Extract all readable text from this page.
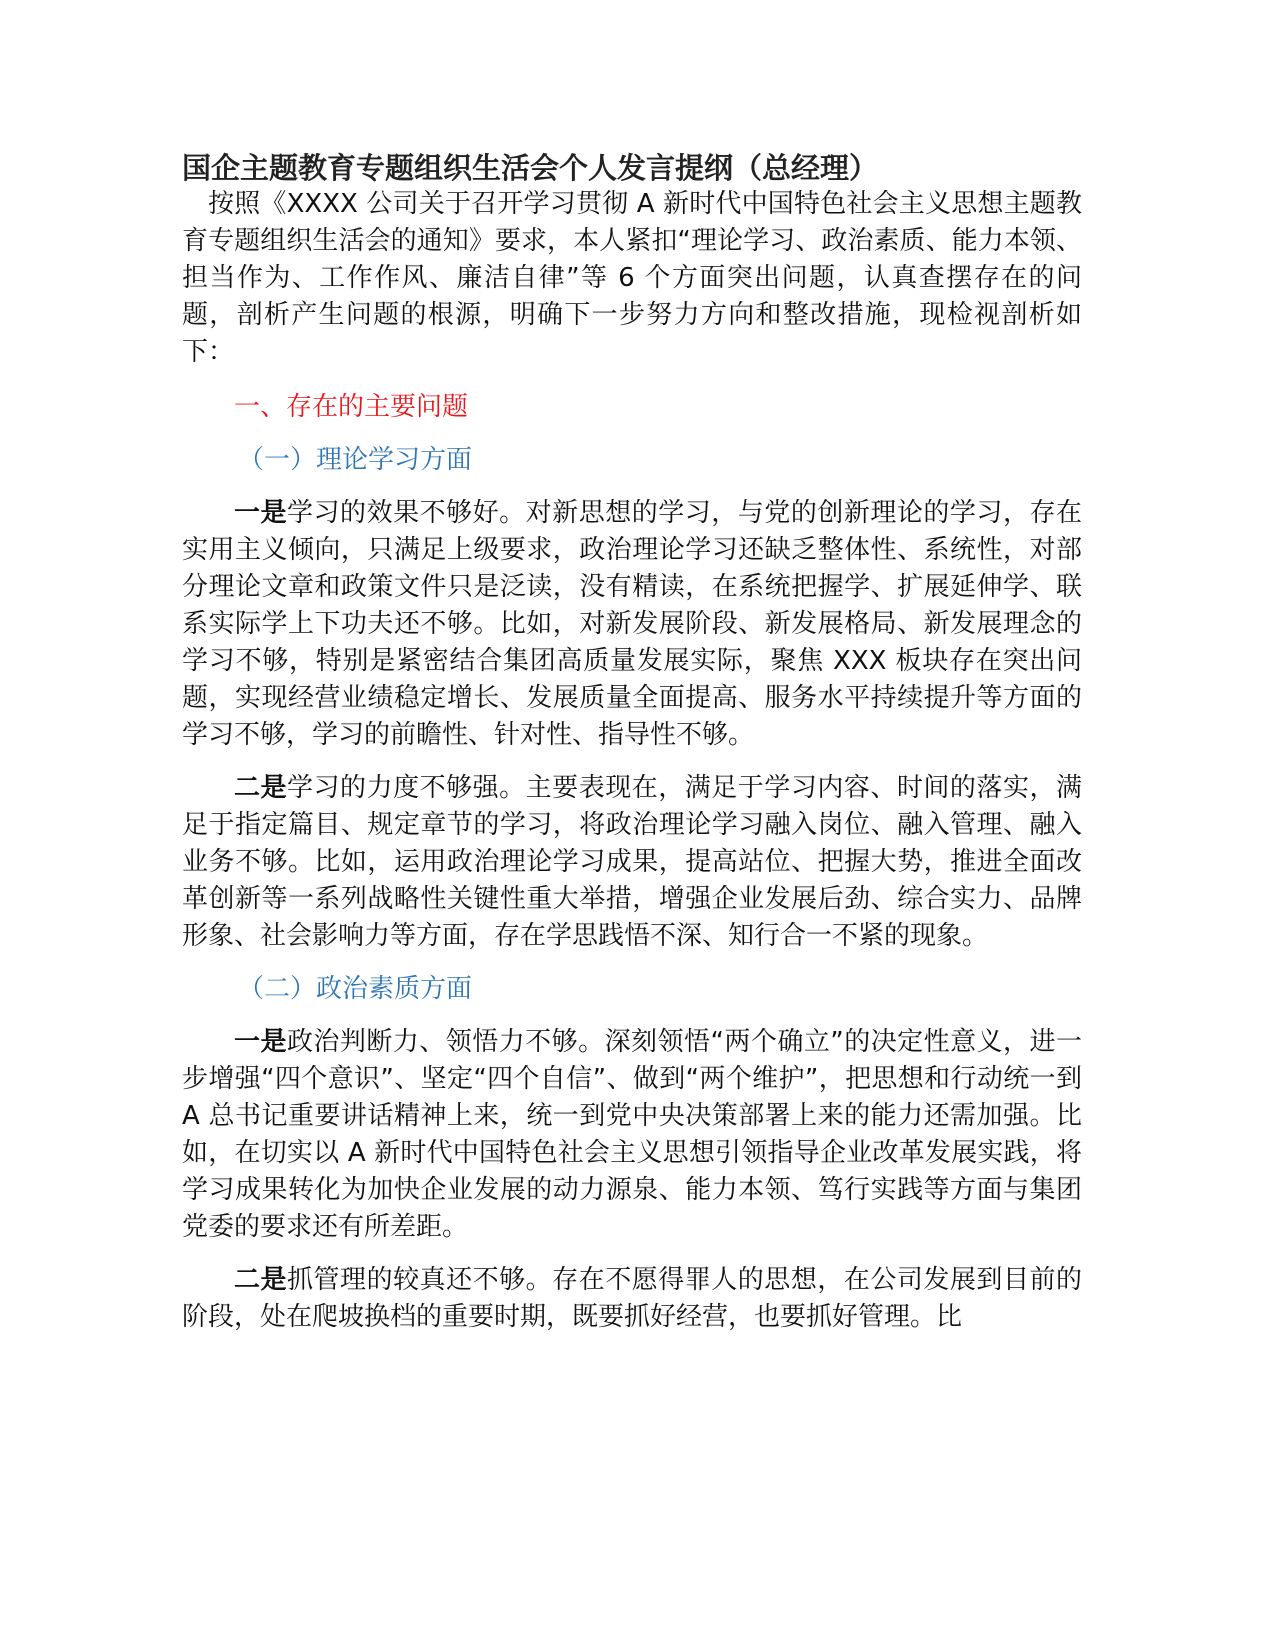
国企主题教育专题组织生活会个人发言提纲（总经理）

按照《XXXX 公司关于召开学习贯彻 A 新时代中国特色社会主义思想主题教育专题组织生活会的通知》要求，本人紧扣“理论学习、政治素质、能力本领、担当作为、工作作风、廉洁自律”等 6 个方面突出问题，认真查摆存在的问题，剖析产生问题的根源，明确下一步努力方向和整改措施，现检视剖析如下：

一、存在的主要问题

（一）理论学习方面

一是学习的效果不够好。对新思想的学习，与党的创新理论的学习，存在实用主义倾向，只满足上级要求，政治理论学习还缺乏整体性、系统性，对部分理论文章和政策文件只是泛读，没有精读，在系统把握学、扩展延伸学、联系实际学上下功夫还不够。比如，对新发展阶段、新发展格局、新发展理念的学习不够，特别是紧密结合集团高质量发展实际，聚焦 XXX 板块存在突出问题，实现经营业绩稳定增长、发展质量全面提高、服务水平持续提升等方面的学习不够，学习的前瞻性、针对性、指导性不够。

二是学习的力度不够强。主要表现在，满足于学习内容、时间的落实，满足于指定篇目、规定章节的学习，将政治理论学习融入岗位、融入管理、融入业务不够。比如，运用政治理论学习成果，提高站位、把握大势，推进全面改革创新等一系列战略性关键性重大举措，增强企业发展后劲、综合实力、品牌形象、社会影响力等方面，存在学思践悟不深、知行合一不紧的现象。

（二）政治素质方面

一是政治判断力、领悟力不够。深刻领悟“两个确立”的决定性意义，进一步增强“四个意识”、坚定“四个自信”、做到“两个维护”，把思想和行动统一到 A 总书记重要讲话精神上来，统一到党中央决策部署上来的能力还需加强。比如，在切实以 A 新时代中国特色社会主义思想引领指导企业改革发展实践，将学习成果转化为加快企业发展的动力源泉、能力本领、笃行实践等方面与集团党委的要求还有所差距。

二是抓管理的较真还不够。存在不愿得罪人的思想，在公司发展到目前的阶段，处在爬坡换档的重要时期，既要抓好经营，也要抓好管理。比
